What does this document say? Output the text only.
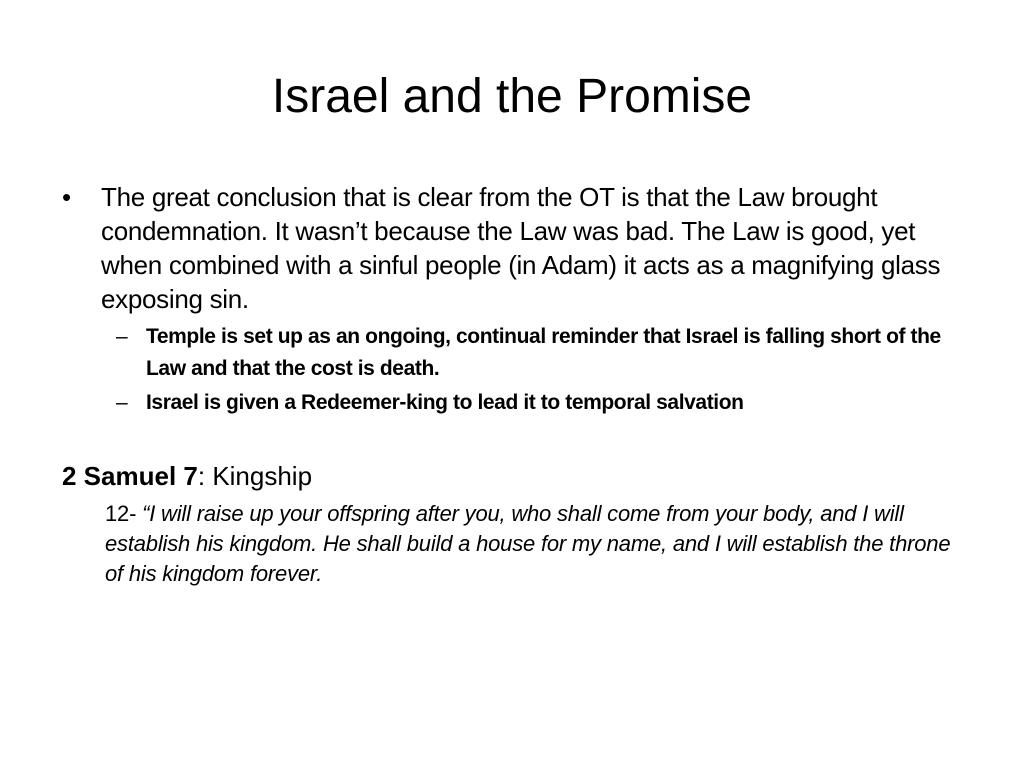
Israel and the Promise
• The great conclusion that is clear from the OT is that the Law brought condemnation. It wasn’t because the Law was bad. The Law is good, yet when combined with a sinful people (in Adam) it acts as a magnifying glass exposing sin.
– Temple is set up as an ongoing, continual reminder that Israel is falling short of the Law and that the cost is death.
– Israel is given a Redeemer-king to lead it to temporal salvation
2 Samuel 7: Kingship
12- “I will raise up your offspring after you, who shall come from your body, and I will establish his kingdom. He shall build a house for my name, and I will establish the throne of his kingdom forever.
